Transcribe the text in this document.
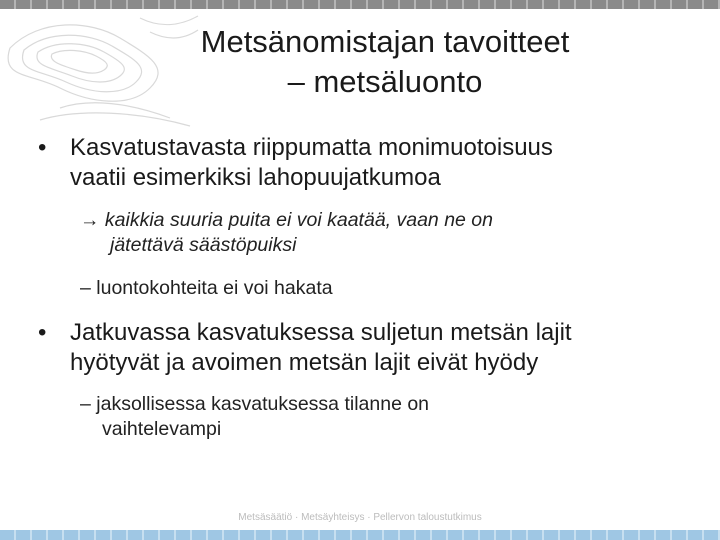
Metsänomistajan tavoitteet
– metsäluonto
• Kasvatustavasta riippumatta monimuotoisuus
vaatii esimerkiksi lahopuujatkumoa
→ kaikkia suuria puita ei voi kaatää, vaan ne on
jätettävä säästöpuiksi
– luontokohteita ei voi hakata
• Jatkuvassa kasvatuksessa suljetun metsän lajit
hyötyvät ja avoimen metsän lajit eivät hyödy
– jaksollisessa kasvatuksessa tilanne on
vaihtelevampi
Metsäsäätiö · Metsäyhteisys · Pellervon taloustutkimus
